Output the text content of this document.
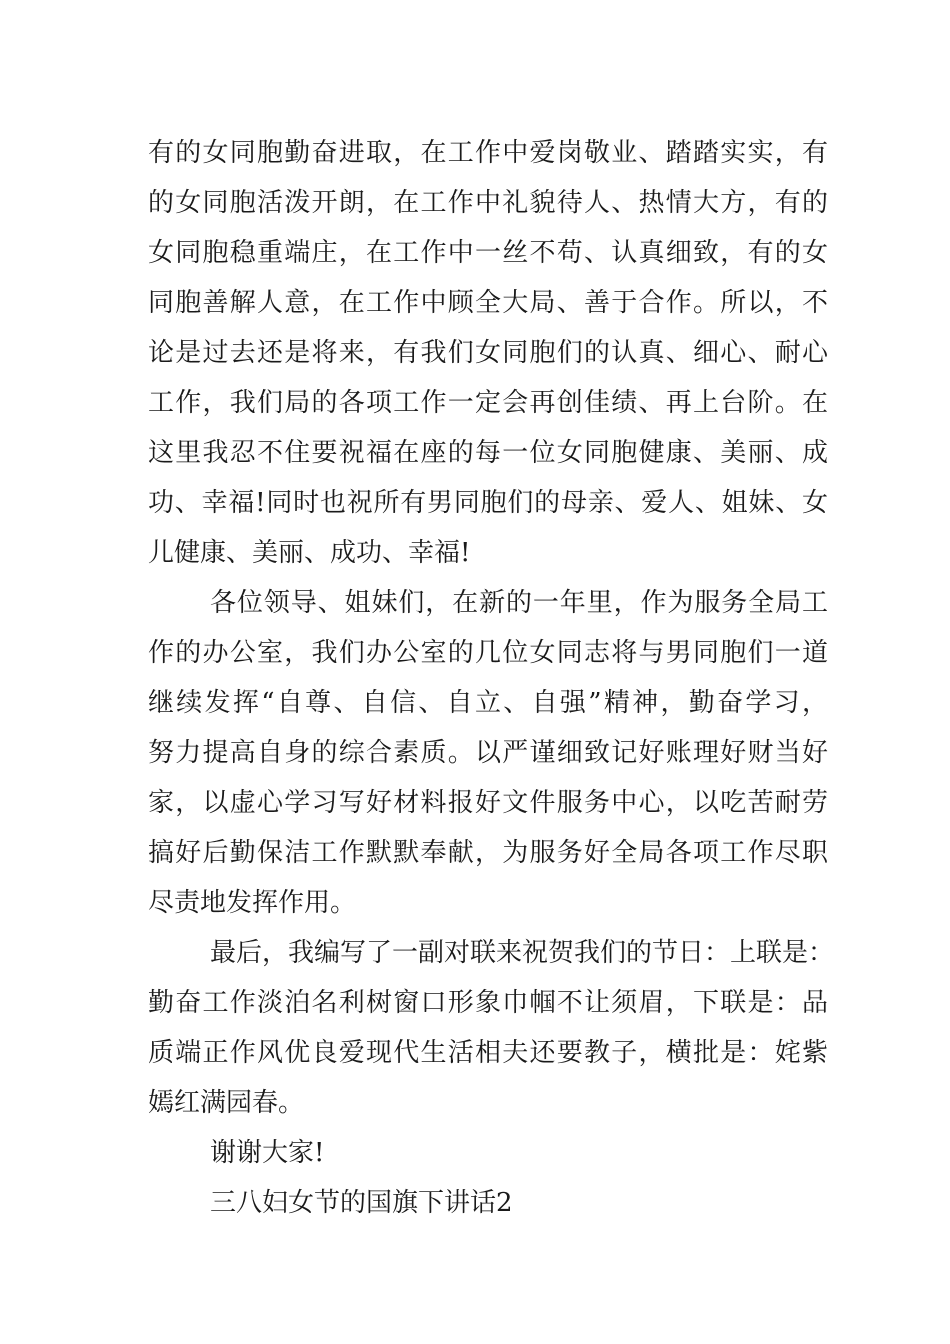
有的女同胞勤奋进取，在工作中爱岗敬业、踏踏实实，有
的女同胞活泼开朗，在工作中礼貌待人、热情大方，有的
女同胞稳重端庄，在工作中一丝不苟、认真细致，有的女
同胞善解人意，在工作中顾全大局、善于合作。所以，不
论是过去还是将来，有我们女同胞们的认真、细心、耐心
工作，我们局的各项工作一定会再创佳绩、再上台阶。在
这里我忍不住要祝福在座的每一位女同胞健康、美丽、成
功、幸福!同时也祝所有男同胞们的母亲、爱人、姐妹、女
儿健康、美丽、成功、幸福!
各位领导、姐妹们，在新的一年里，作为服务全局工
作的办公室，我们办公室的几位女同志将与男同胞们一道
继续发挥“自尊、自信、自立、自强”精神，勤奋学习，
努力提高自身的综合素质。以严谨细致记好账理好财当好
家，以虚心学习写好材料报好文件服务中心，以吃苦耐劳
搞好后勤保洁工作默默奉献，为服务好全局各项工作尽职
尽责地发挥作用。
最后，我编写了一副对联来祝贺我们的节日：上联是：
勤奋工作淡泊名利树窗口形象巾帼不让须眉，下联是：品
质端正作风优良爱现代生活相夫还要教子，横批是：姹紫
嫣红满园春。
谢谢大家!
三八妇女节的国旗下讲话2
